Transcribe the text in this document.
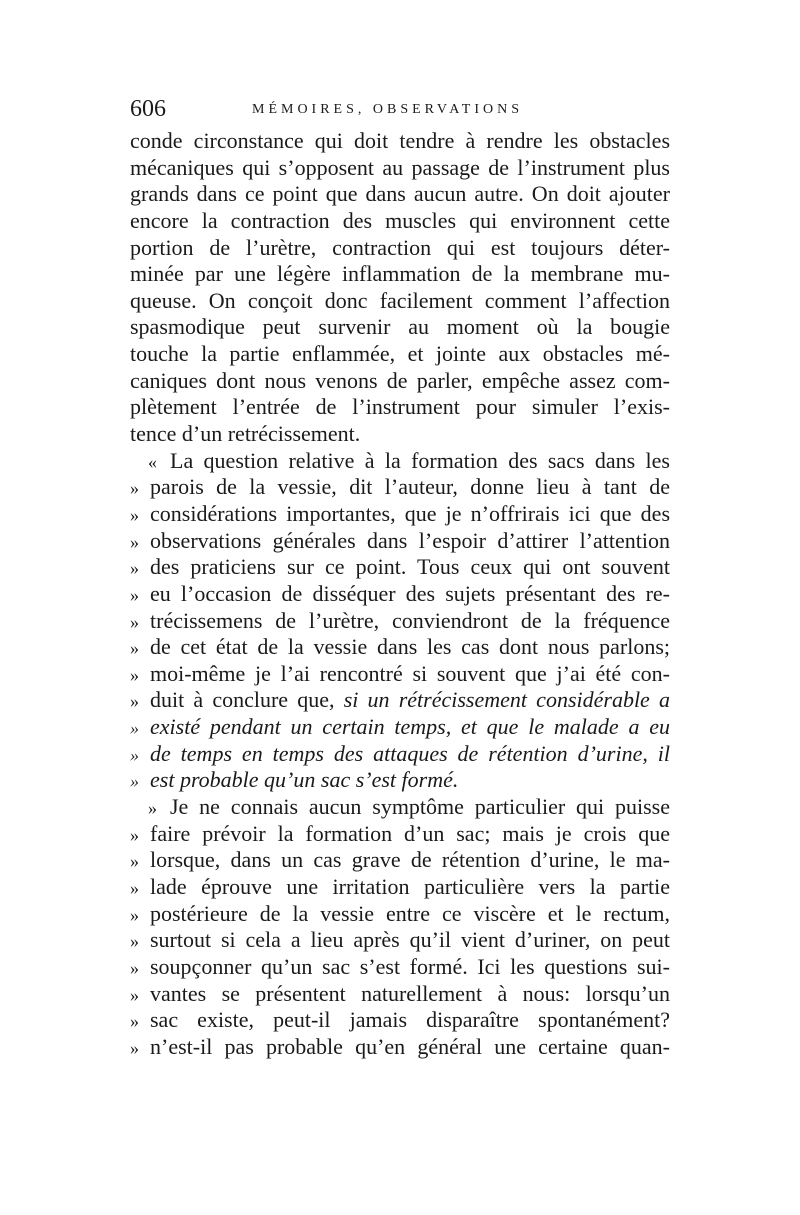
606	MÉMOIRES, OBSERVATIONS
conde circonstance qui doit tendre à rendre les obstacles
mécaniques qui s’opposent au passage de l’instrument plus
grands dans ce point que dans aucun autre. On doit ajouter
encore la contraction des muscles qui environnent cette
portion de l’urètre, contraction qui est toujours déter-
minée par une légère inflammation de la membrane mu-
queuse. On conçoit donc facilement comment l’affection
spasmodique peut survenir au moment où la bougie
touche la partie enflammée, et jointe aux obstacles mé-
caniques dont nous venons de parler, empêche assez com-
plètement l’entrée de l’instrument pour simuler l’exis-
tence d’un retrécissement.
« La question relative à la formation des sacs dans les
» parois de la vessie, dit l’auteur, donne lieu à tant de
» considérations importantes, que je n’offrirais ici que des
» observations générales dans l’espoir d’attirer l’attention
» des praticiens sur ce point. Tous ceux qui ont souvent
» eu l’occasion de disséquer des sujets présentant des re-
» trécissemens de l’urètre, conviendront de la fréquence
» de cet état de la vessie dans les cas dont nous parlons;
» moi-même je l’ai rencontré si souvent que j’ai été con-
» duit à conclure que, si un rétrécissement considérable a
» existé pendant un certain temps, et que le malade a eu
» de temps en temps des attaques de rétention d’urine, il
» est probable qu’un sac s’est formé.
» Je ne connais aucun symptôme particulier qui puisse
» faire prévoir la formation d’un sac; mais je crois que
» lorsque, dans un cas grave de rétention d’urine, le ma-
» lade éprouve une irritation particulière vers la partie
» postérieure de la vessie entre ce viscère et le rectum,
» surtout si cela a lieu après qu’il vient d’uriner, on peut
» soupçonner qu’un sac s’est formé. Ici les questions sui-
» vantes se présentent naturellement à nous: lorsqu’un
» sac existe, peut-il jamais disparaître spontanément?
» n’est-il pas probable qu’en général une certaine quan-
